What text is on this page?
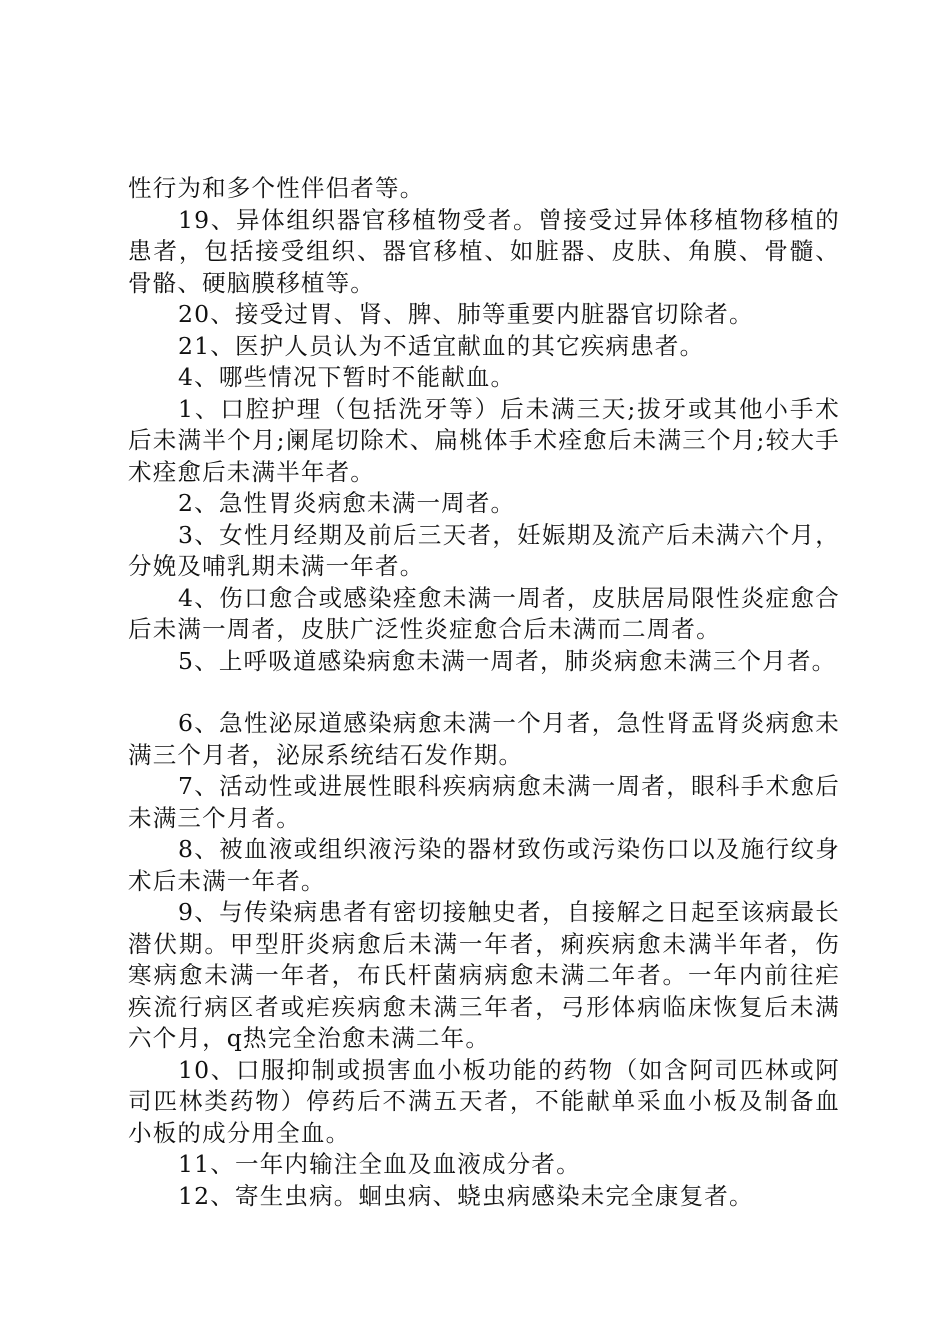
性行为和多个性伴侣者等。

19、异体组织器官移植物受者。曾接受过异体移植物移植的患者，包括接受组织、器官移植、如脏器、皮肤、角膜、骨髓、骨骼、硬脑膜移植等。

20、接受过胃、肾、脾、肺等重要内脏器官切除者。

21、医护人员认为不适宜献血的其它疾病患者。

4、哪些情况下暂时不能献血。

1、口腔护理（包括洗牙等）后未满三天;拔牙或其他小手术后未满半个月;阑尾切除术、扁桃体手术痊愈后未满三个月;较大手术痊愈后未满半年者。

2、急性胃炎病愈未满一周者。

3、女性月经期及前后三天者，妊娠期及流产后未满六个月，分娩及哺乳期未满一年者。

4、伤口愈合或感染痊愈未满一周者，皮肤居局限性炎症愈合后未满一周者，皮肤广泛性炎症愈合后未满而二周者。

5、上呼吸道感染病愈未满一周者，肺炎病愈未满三个月者。

6、急性泌尿道感染病愈未满一个月者，急性肾盂肾炎病愈未满三个月者，泌尿系统结石发作期。

7、活动性或进展性眼科疾病病愈未满一周者，眼科手术愈后未满三个月者。

8、被血液或组织液污染的器材致伤或污染伤口以及施行纹身术后未满一年者。

9、与传染病患者有密切接触史者，自接解之日起至该病最长潜伏期。甲型肝炎病愈后未满一年者，痢疾病愈未满半年者，伤寒病愈未满一年者，布氏杆菌病病愈未满二年者。一年内前往疟疾流行病区者或疟疾病愈未满三年者，弓形体病临床恢复后未满六个月，q热完全治愈未满二年。

10、口服抑制或损害血小板功能的药物（如含阿司匹林或阿司匹林类药物）停药后不满五天者，不能献单采血小板及制备血小板的成分用全血。

11、一年内输注全血及血液成分者。

12、寄生虫病。蛔虫病、蛲虫病感染未完全康复者。
